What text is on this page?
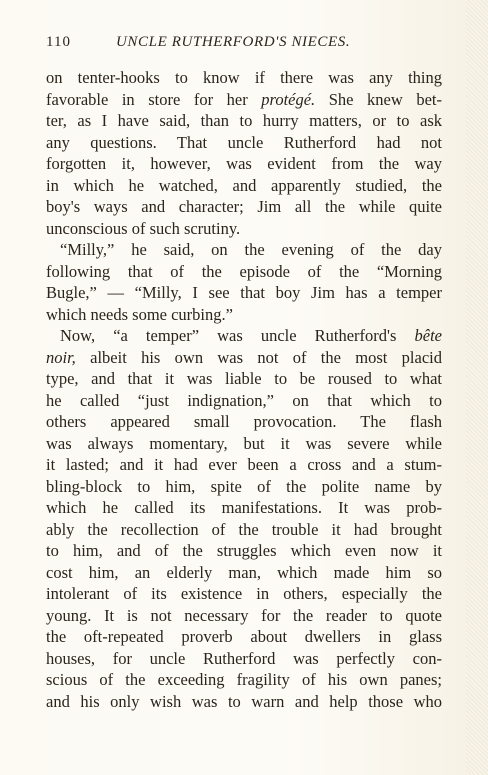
110	UNCLE RUTHERFORD'S NIECES.
on tenter-hooks to know if there was any thing
favorable in store for her protégé. She knew bet-
ter, as I have said, than to hurry matters, or to ask
any questions. That uncle Rutherford had not
forgotten it, however, was evident from the way
in which he watched, and apparently studied, the
boy's ways and character; Jim all the while quite
unconscious of such scrutiny.
“Milly,” he said, on the evening of the day
following that of the episode of the “Morning
Bugle,” — “Milly, I see that boy Jim has a temper
which needs some curbing.”
Now, “a temper” was uncle Rutherford's bête
noir, albeit his own was not of the most placid
type, and that it was liable to be roused to what
he called “just indignation,” on that which to
others appeared small provocation. The flash
was always momentary, but it was severe while
it lasted; and it had ever been a cross and a stum-
bling-block to him, spite of the polite name by
which he called its manifestations. It was prob-
ably the recollection of the trouble it had brought
to him, and of the struggles which even now it
cost him, an elderly man, which made him so
intolerant of its existence in others, especially the
young. It is not necessary for the reader to quote
the oft-repeated proverb about dwellers in glass
houses, for uncle Rutherford was perfectly con-
scious of the exceeding fragility of his own panes;
and his only wish was to warn and help those who
